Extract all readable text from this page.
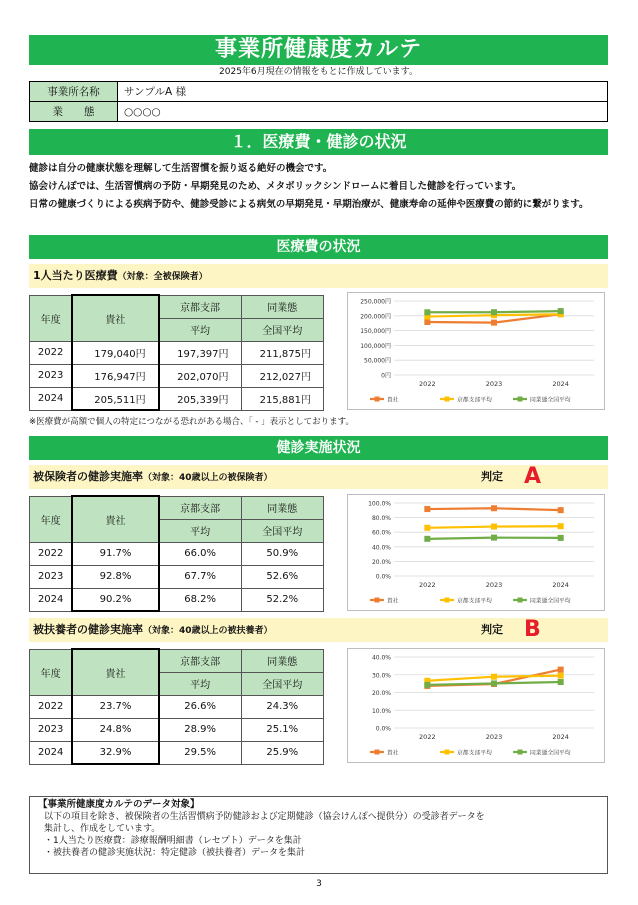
事業所健康度カルテ
2025年6月現在の情報をもとに作成しています。
事業所名称	サンプルA 様
業　　態	○○○○
１．医療費・健診の状況

健診は自分の健康状態を理解して生活習慣を振り返る絶好の機会です。

協会けんぽでは、生活習慣病の予防・早期発見のため、メタボリックシンドロームに着目した健診を行っています。

日常の健康づくりによる疾病予防や、健診受診による病気の早期発見・早期治療が、健康寿命の延伸や医療費の節約に繋がります。

医療費の状況
1人当たり医療費（対象：全被保険者）
年度	貴社	京都支部	同業態
		平均	全国平均
2022	179,040円	197,397円	211,875円
2023	176,947円	202,070円	212,027円
2024	205,511円	205,339円	215,881円
0円
50,000円
100,000円
150,000円
200,000円
250,000円
2022	2023	2024
貴社	京都支部平均	同業態全国平均
※医療費が高額で個人の特定につながる恐れがある場合、「 - 」表示としております。
健診実施状況
被保険者の健診実施率（対象：40歳以上の被保険者）	判定 A
年度	貴社	京都支部	同業態
		平均	全国平均
2022	91.7%	66.0%	50.9%
2023	92.8%	67.7%	52.6%
2024	90.2%	68.2%	52.2%
0.0%
20.0%
40.0%
60.0%
80.0%
100.0%
2022	2023	2024
貴社	京都支部平均	同業態全国平均
被扶養者の健診実施率（対象：40歳以上の被扶養者）	判定 B
年度	貴社	京都支部	同業態
		平均	全国平均
2022	23.7%	26.6%	24.3%
2023	24.8%	28.9%	25.1%
2024	32.9%	29.5%	25.9%
0.0%
10.0%
20.0%
30.0%
40.0%
2022	2023	2024
貴社	京都支部平均	同業態全国平均
【事業所健康度カルテのデータ対象】

以下の項目を除き、被保険者の生活習慣病予防健診および定期健診（協会けんぽへ提供分）の受診者データを

集計し、作成をしています。

・1人当たり医療費：診療報酬明細書（レセプト）データを集計

・被扶養者の健診実施状況：特定健診（被扶養者）データを集計

3
